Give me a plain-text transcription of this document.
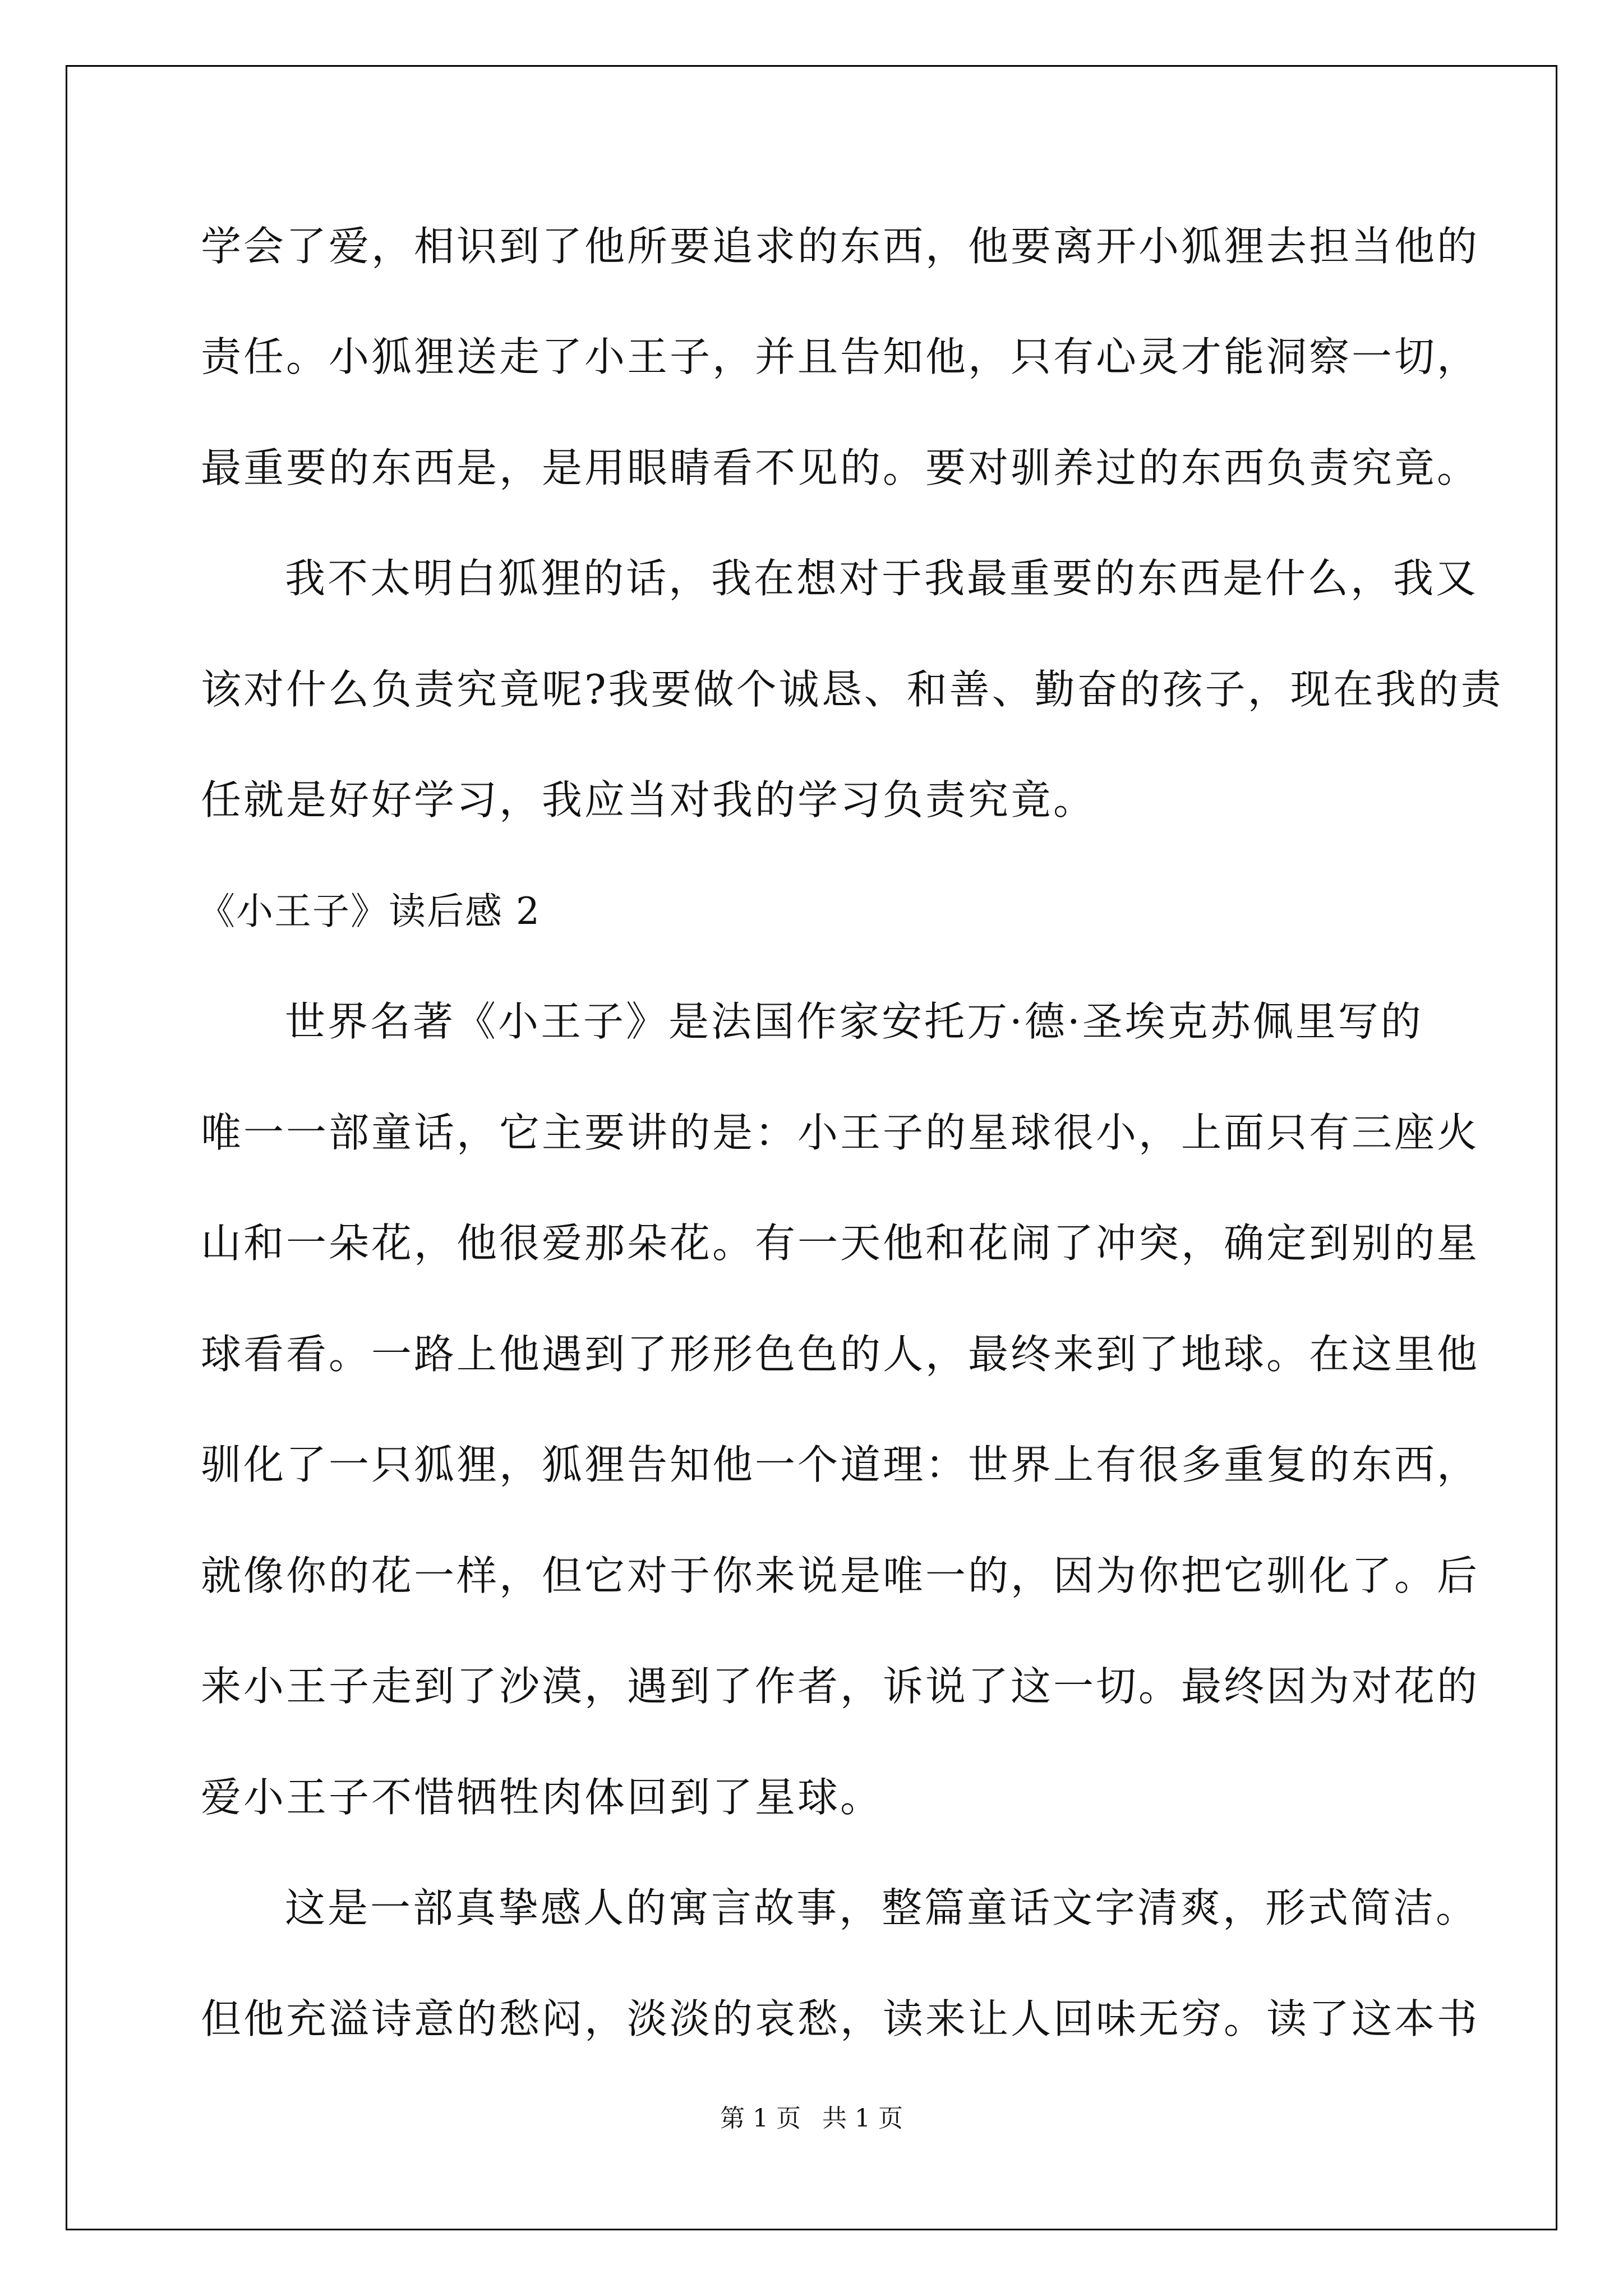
学会了爱，相识到了他所要追求的东西，他要离开小狐狸去担当他的
责任。小狐狸送走了小王子，并且告知他，只有心灵才能洞察一切，
最重要的东西是，是用眼睛看不见的。要对驯养过的东西负责究竟。
我不太明白狐狸的话，我在想对于我最重要的东西是什么，我又
该对什么负责究竟呢?我要做个诚恳、和善、勤奋的孩子，现在我的责
任就是好好学习，我应当对我的学习负责究竟。
《小王子》读后感 2
世界名著《小王子》是法国作家安托万·德·圣埃克苏佩里写的
唯一一部童话，它主要讲的是：小王子的星球很小，上面只有三座火
山和一朵花，他很爱那朵花。有一天他和花闹了冲突，确定到别的星
球看看。一路上他遇到了形形色色的人，最终来到了地球。在这里他
驯化了一只狐狸，狐狸告知他一个道理：世界上有很多重复的东西，
就像你的花一样，但它对于你来说是唯一的，因为你把它驯化了。后
来小王子走到了沙漠，遇到了作者，诉说了这一切。最终因为对花的
爱小王子不惜牺牲肉体回到了星球。
这是一部真挚感人的寓言故事，整篇童话文字清爽，形式简洁。
但他充溢诗意的愁闷，淡淡的哀愁，读来让人回味无穷。读了这本书
第 1 页 共 1 页
